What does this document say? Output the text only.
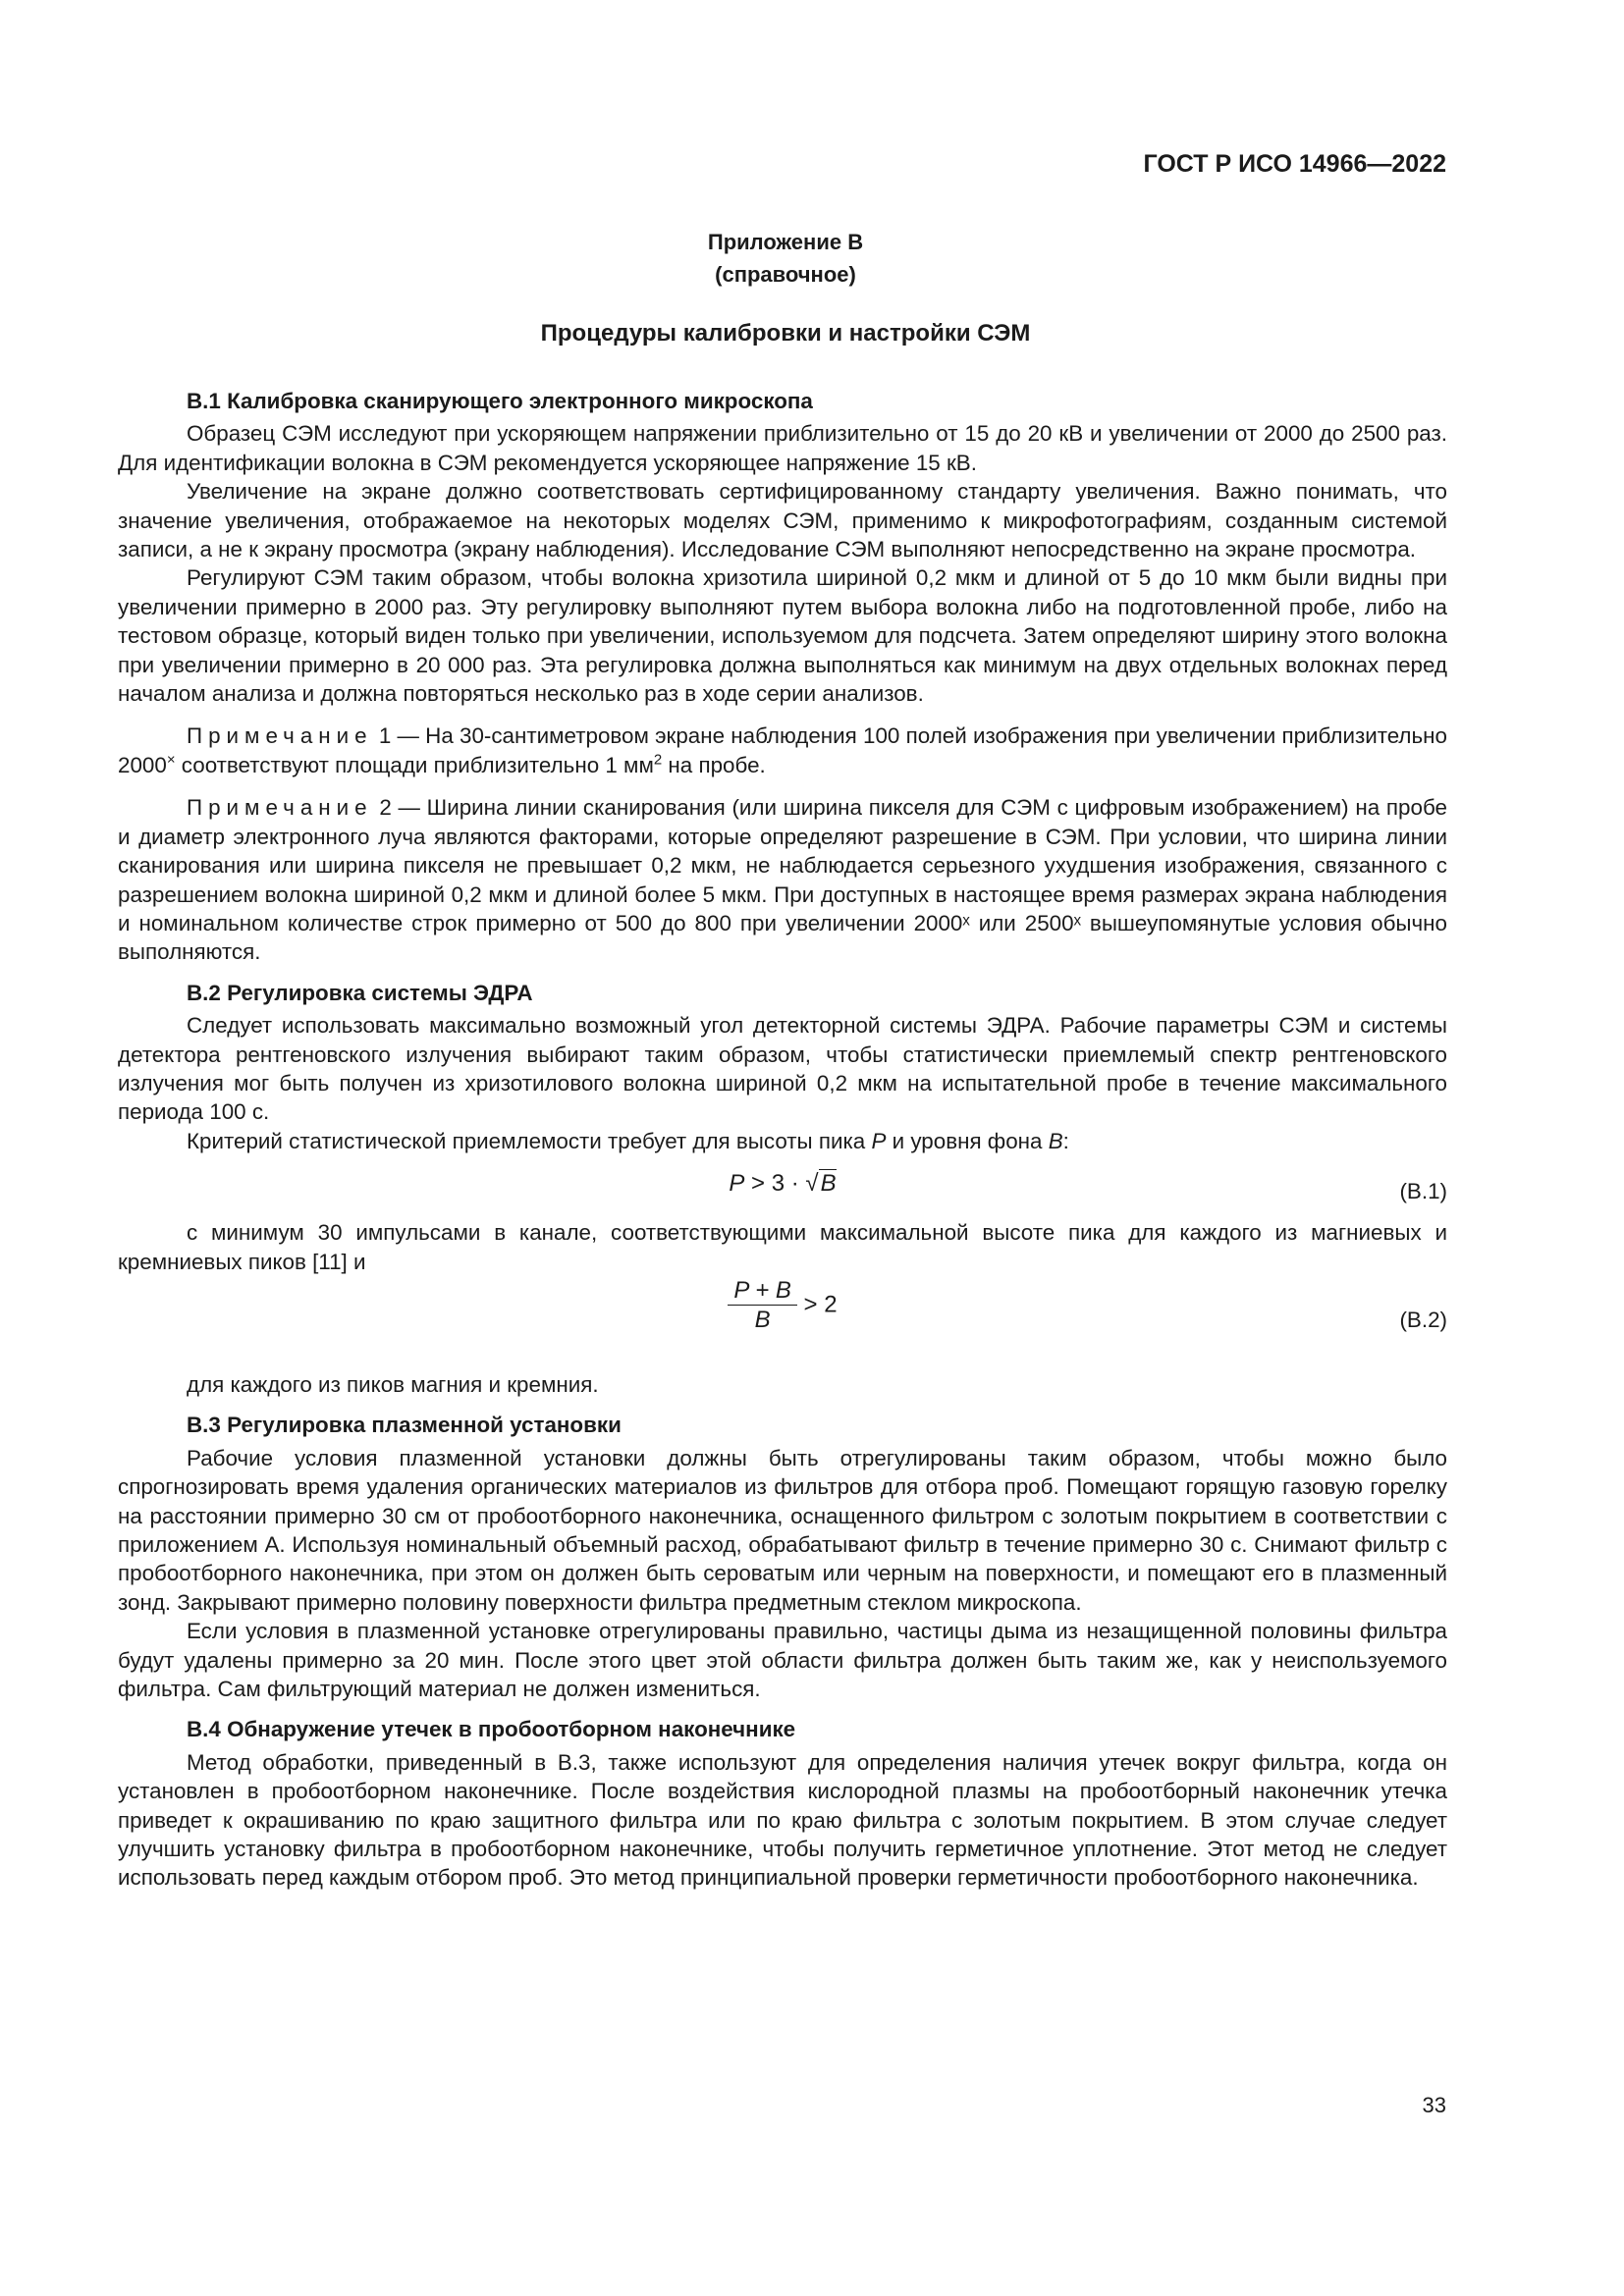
ГОСТ Р ИСО 14966—2022
Приложение В
(справочное)
Процедуры калибровки и настройки СЭМ
В.1 Калибровка сканирующего электронного микроскопа

Образец СЭМ исследуют при ускоряющем напряжении приблизительно от 15 до 20 кВ и увеличении от 2000 до 2500 раз. Для идентификации волокна в СЭМ рекомендуется ускоряющее напряжение 15 кВ.

Увеличение на экране должно соответствовать сертифицированному стандарту увеличения. Важно понимать, что значение увеличения, отображаемое на некоторых моделях СЭМ, применимо к микрофотографиям, созданным системой записи, а не к экрану просмотра (экрану наблюдения). Исследование СЭМ выполняют непосредственно на экране просмотра.

Регулируют СЭМ таким образом, чтобы волокна хризотила шириной 0,2 мкм и длиной от 5 до 10 мкм были видны при увеличении примерно в 2000 раз. Эту регулировку выполняют путем выбора волокна либо на подготовленной пробе, либо на тестовом образце, который виден только при увеличении, используемом для подсчета. Затем определяют ширину этого волокна при увеличении примерно в 20 000 раз. Эта регулировка должна выполняться как минимум на двух отдельных волокнах перед началом анализа и должна повторяться несколько раз в ходе серии анализов.

Примечание 1 — На 30-сантиметровом экране наблюдения 100 полей изображения при увеличении приблизительно 2000× соответствуют площади приблизительно 1 $мм^2$ на пробе.

Примечание 2 — Ширина линии сканирования (или ширина пикселя для СЭМ с цифровым изображением) на пробе и диаметр электронного луча являются факторами, которые определяют разрешение в СЭМ. При условии, что ширина линии сканирования или ширина пикселя не превышает 0,2 мкм, не наблюдается серьезного ухудшения изображения, связанного с разрешением волокна шириной 0,2 мкм и длиной более 5 мкм. При доступных в настоящее время размерах экрана наблюдения и номинальном количестве строк примерно от 500 до 800 при увеличении 2000ˣ или 2500ˣ вышеупомянутые условия обычно выполняются.

В.2 Регулировка системы ЭДРА

Следует использовать максимально возможный угол детекторной системы ЭДРА. Рабочие параметры СЭМ и системы детектора рентгеновского излучения выбирают таким образом, чтобы статистически приемлемый спектр рентгеновского излучения мог быть получен из хризотилового волокна шириной 0,2 мкм на испытательной пробе в течение максимального периода 100 с.

Критерий статистической приемлемости требует для высоты пика P и уровня фона B:

P > 3 · √B	(В.1)

с минимум 30 импульсами в канале, соответствующими максимальной высоте пика для каждого из магниевых и кремниевых пиков [11] и

$\frac{P + B}{B} > 2$
(В.2)

для каждого из пиков магния и кремния.

В.3 Регулировка плазменной установки

Рабочие условия плазменной установки должны быть отрегулированы таким образом, чтобы можно было спрогнозировать время удаления органических материалов из фильтров для отбора проб. Помещают горящую газовую горелку на расстоянии примерно 30 см от пробоотборного наконечника, оснащенного фильтром с золотым покрытием в соответствии с приложением А. Используя номинальный объемный расход, обрабатывают фильтр в течение примерно 30 с. Снимают фильтр с пробоотборного наконечника, при этом он должен быть сероватым или черным на поверхности, и помещают его в плазменный зонд. Закрывают примерно половину поверхности фильтра предметным стеклом микроскопа.

Если условия в плазменной установке отрегулированы правильно, частицы дыма из незащищенной половины фильтра будут удалены примерно за 20 мин. После этого цвет этой области фильтра должен быть таким же, как у неиспользуемого фильтра. Сам фильтрующий материал не должен измениться.

В.4 Обнаружение утечек в пробоотборном наконечнике

Метод обработки, приведенный в В.3, также используют для определения наличия утечек вокруг фильтра, когда он установлен в пробоотборном наконечнике. После воздействия кислородной плазмы на пробоотборный наконечник утечка приведет к окрашиванию по краю защитного фильтра или по краю фильтра с золотым покрытием. В этом случае следует улучшить установку фильтра в пробоотборном наконечнике, чтобы получить герметичное уплотнение. Этот метод не следует использовать перед каждым отбором проб. Это метод принципиальной проверки герметичности пробоотборного наконечника.

33
